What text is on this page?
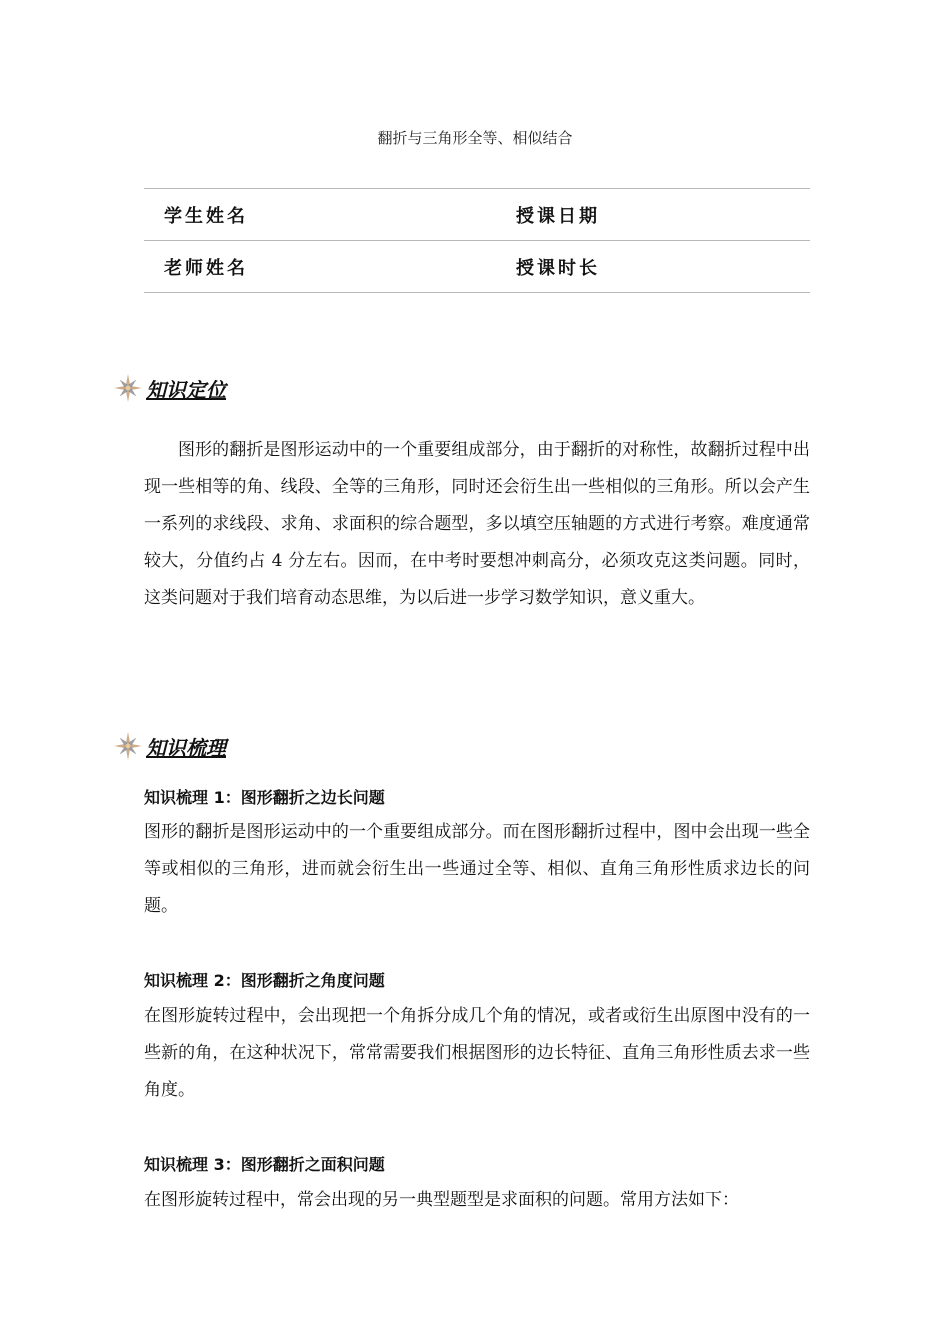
翻折与三角形全等、相似结合
学生姓名	授课日期
老师姓名	授课时长
知识定位

图形的翻折是图形运动中的一个重要组成部分，由于翻折的对称性，故翻折过程中出现一些相等的角、线段、全等的三角形，同时还会衍生出一些相似的三角形。所以会产生一系列的求线段、求角、求面积的综合题型，多以填空压轴题的方式进行考察。难度通常较大，分值约占 4 分左右。因而，在中考时要想冲刺高分，必须攻克这类问题。同时，这类问题对于我们培育动态思维，为以后进一步学习数学知识，意义重大。

知识梳理
知识梳理 1：图形翻折之边长问题

图形的翻折是图形运动中的一个重要组成部分。而在图形翻折过程中，图中会出现一些全等或相似的三角形，进而就会衍生出一些通过全等、相似、直角三角形性质求边长的问题。

知识梳理 2：图形翻折之角度问题

在图形旋转过程中，会出现把一个角拆分成几个角的情况，或者或衍生出原图中没有的一些新的角，在这种状况下，常常需要我们根据图形的边长特征、直角三角形性质去求一些角度。

知识梳理 3：图形翻折之面积问题

在图形旋转过程中，常会出现的另一典型题型是求面积的问题。常用方法如下：
